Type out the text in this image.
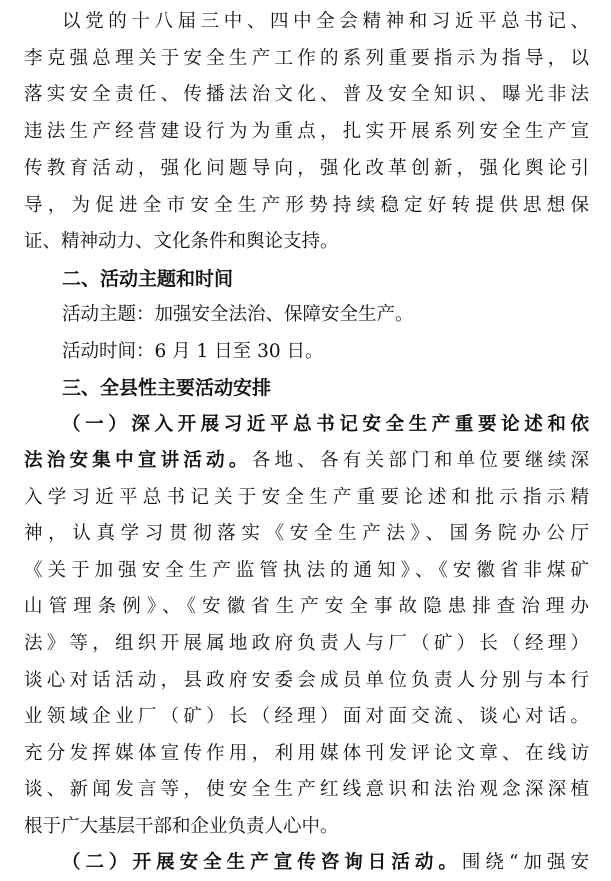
以党的十八届三中、四中全会精神和习近平总书记、
李克强总理关于安全生产工作的系列重要指示为指导，以
落实安全责任、传播法治文化、普及安全知识、曝光非法
违法生产经营建设行为为重点，扎实开展系列安全生产宣
传教育活动，强化问题导向，强化改革创新，强化舆论引
导，为促进全市安全生产形势持续稳定好转提供思想保
证、精神动力、文化条件和舆论支持。
二、活动主题和时间
活动主题：加强安全法治、保障安全生产。
活动时间：6 月 1 日至 30 日。
三、全县性主要活动安排
（一）深入开展习近平总书记安全生产重要论述和依
法治安集中宣讲活动。各地、各有关部门和单位要继续深
入学习近平总书记关于安全生产重要论述和批示指示精
神，认真学习贯彻落实《安全生产法》、国务院办公厅
《关于加强安全生产监管执法的通知》、《安徽省非煤矿
山管理条例》、《安徽省生产安全事故隐患排查治理办
法》等，组织开展属地政府负责人与厂（矿）长（经理）
谈心对话活动，县政府安委会成员单位负责人分别与本行
业领域企业厂（矿）长（经理）面对面交流、谈心对话。
充分发挥媒体宣传作用，利用媒体刊发评论文章、在线访
谈、新闻发言等，使安全生产红线意识和法治观念深深植
根于广大基层干部和企业负责人心中。
（二）开展安全生产宣传咨询日活动。围绕“加强安
